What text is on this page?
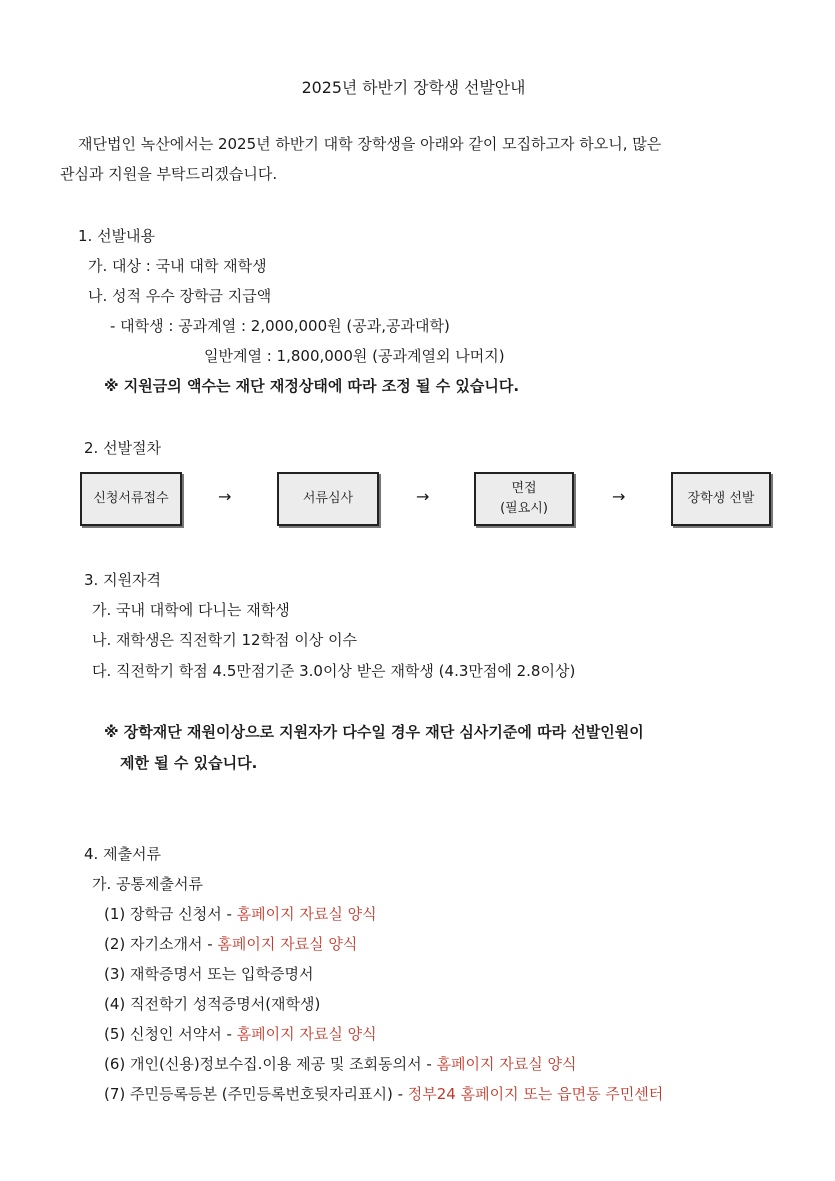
2025년 하반기 장학생 선발안내
재단법인 녹산에서는 2025년 하반기 대학 장학생을 아래와 같이 모집하고자 하오니, 많은
관심과 지원을 부탁드리겠습니다.
1. 선발내용
가. 대상 : 국내 대학 재학생
나. 성적 우수 장학금 지급액
- 대학생 : 공과계열 : 2,000,000원 (공과,공과대학)
일반계열 : 1,800,000원 (공과계열외 나머지)
※ 지원금의 액수는 재단 재정상태에 따라 조정 될 수 있습니다.
2. 선발절차
신청서류접수	→	서류심사	→	면접
(필요시)
→	장학생 선발
3. 지원자격
가. 국내 대학에 다니는 재학생
나. 재학생은 직전학기 12학점 이상 이수
다. 직전학기 학점 4.5만점기준 3.0이상 받은 재학생 (4.3만점에 2.8이상)
※ 장학재단 재원이상으로 지원자가 다수일 경우 재단 심사기준에 따라 선발인원이
제한 될 수 있습니다.
4. 제출서류
가. 공통제출서류
(1) 장학금 신청서 - 홈페이지 자료실 양식
(2) 자기소개서 - 홈페이지 자료실 양식
(3) 재학증명서 또는 입학증명서
(4) 직전학기 성적증명서(재학생)
(5) 신청인 서약서 - 홈페이지 자료실 양식
(6) 개인(신용)정보수집.이용 제공 및 조회동의서 - 홈페이지 자료실 양식
(7) 주민등록등본 (주민등록번호뒷자리표시) - 정부24 홈페이지 또는 읍면동 주민센터
